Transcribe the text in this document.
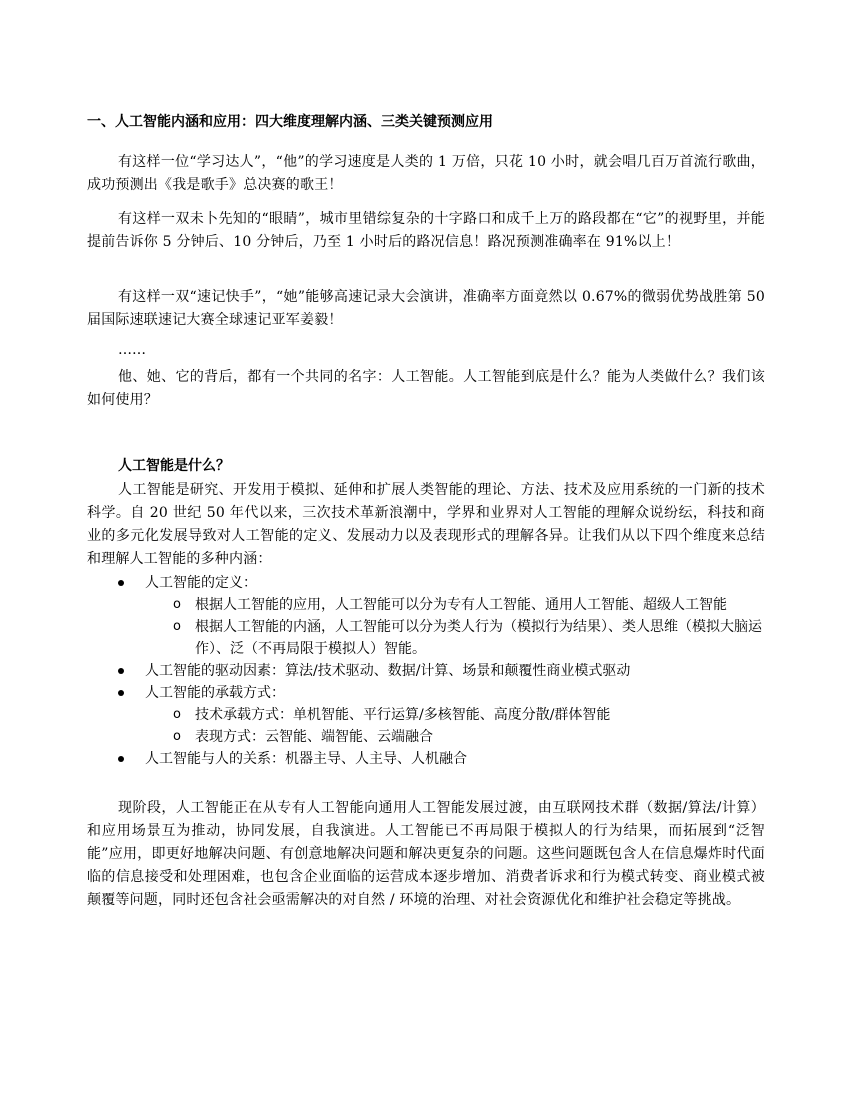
一、人工智能内涵和应用：四大维度理解内涵、三类关键预测应用

有这样一位“学习达人”，“他”的学习速度是人类的 1 万倍，只花 10 小时，就会唱几百万首流行歌曲，成功预测出《我是歌手》总决赛的歌王！

有这样一双未卜先知的“眼睛”，城市里错综复杂的十字路口和成千上万的路段都在“它”的视野里，并能提前告诉你 5 分钟后、10 分钟后，乃至 1 小时后的路况信息！路况预测准确率在 91%以上！

有这样一双“速记快手”，“她”能够高速记录大会演讲，准确率方面竟然以 0.67%的微弱优势战胜第 50 届国际速联速记大赛全球速记亚军姜毅！

……

他、她、它的背后，都有一个共同的名字：人工智能。人工智能到底是什么？能为人类做什么？我们该如何使用？

人工智能是什么？

人工智能是研究、开发用于模拟、延伸和扩展人类智能的理论、方法、技术及应用系统的一门新的技术科学。自 20 世纪 50 年代以来，三次技术革新浪潮中，学界和业界对人工智能的理解众说纷纭，科技和商业的多元化发展导致对人工智能的定义、发展动力以及表现形式的理解各异。让我们从以下四个维度来总结和理解人工智能的多种内涵：

人工智能的定义：
o 根据人工智能的应用，人工智能可以分为专有人工智能、通用人工智能、超级人工智能
o 根据人工智能的内涵，人工智能可以分为类人行为（模拟行为结果）、类人思维（模拟大脑运作）、泛（不再局限于模拟人）智能。
人工智能的驱动因素：算法/技术驱动、数据/计算、场景和颠覆性商业模式驱动
人工智能的承载方式：
o 技术承载方式：单机智能、平行运算/多核智能、高度分散/群体智能
o 表现方式：云智能、端智能、云端融合
人工智能与人的关系：机器主导、人主导、人机融合

现阶段，人工智能正在从专有人工智能向通用人工智能发展过渡，由互联网技术群（数据/算法/计算）和应用场景互为推动，协同发展，自我演进。人工智能已不再局限于模拟人的行为结果，而拓展到“泛智能”应用，即更好地解决问题、有创意地解决问题和解决更复杂的问题。这些问题既包含人在信息爆炸时代面临的信息接受和处理困难，也包含企业面临的运营成本逐步增加、消费者诉求和行为模式转变、商业模式被颠覆等问题，同时还包含社会亟需解决的对自然 / 环境的治理、对社会资源优化和维护社会稳定等挑战。
